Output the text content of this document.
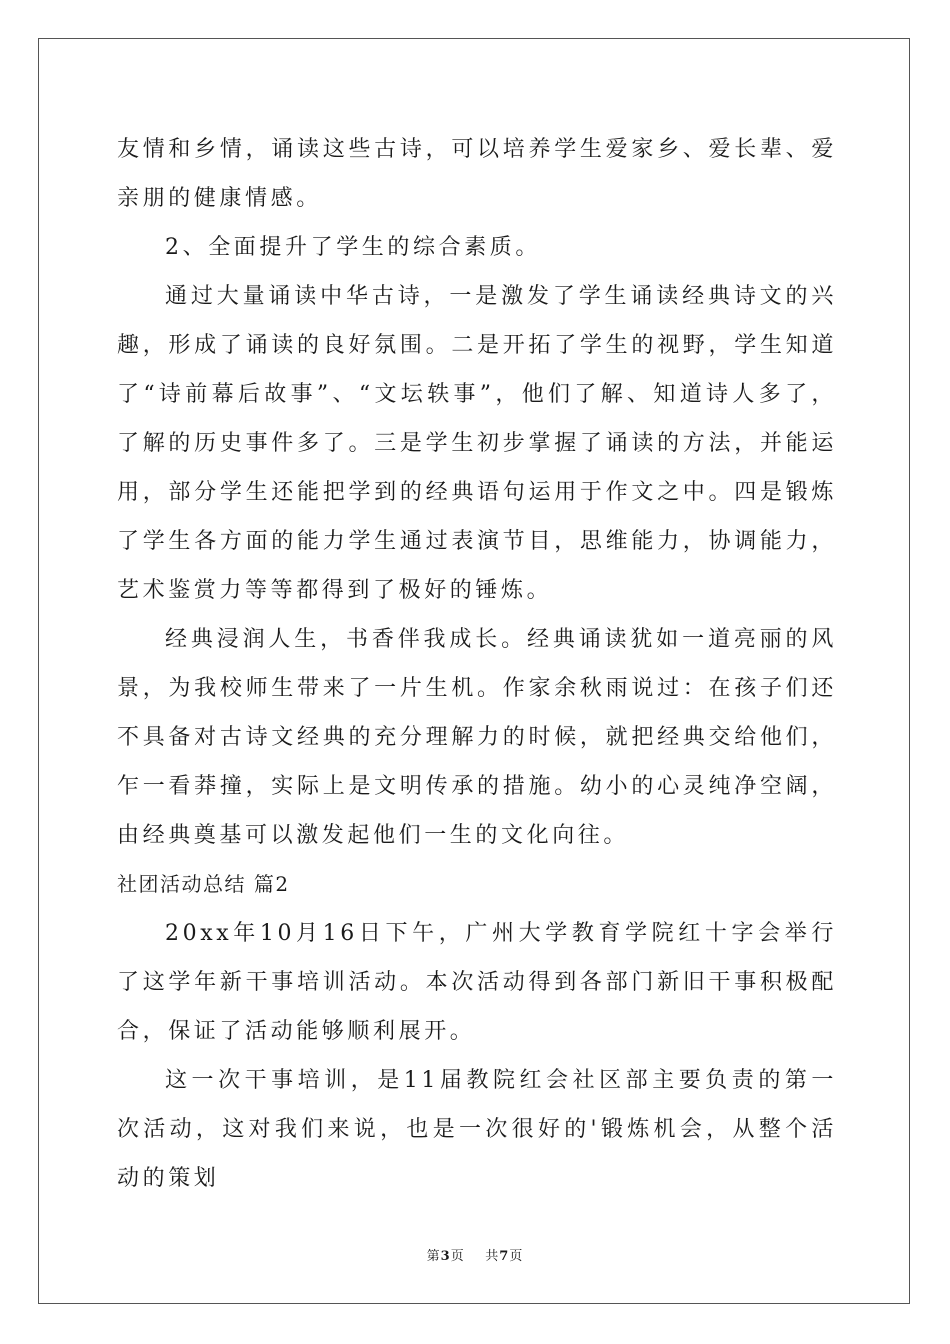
友情和乡情，诵读这些古诗，可以培养学生爱家乡、爱长辈、爱亲朋的健康情感。

2、全面提升了学生的综合素质。

通过大量诵读中华古诗，一是激发了学生诵读经典诗文的兴趣，形成了诵读的良好氛围。二是开拓了学生的视野，学生知道了“诗前幕后故事”、“文坛轶事”，他们了解、知道诗人多了，了解的历史事件多了。三是学生初步掌握了诵读的方法，并能运用，部分学生还能把学到的经典语句运用于作文之中。四是锻炼了学生各方面的能力学生通过表演节目，思维能力，协调能力，艺术鉴赏力等等都得到了极好的锤炼。

经典浸润人生，书香伴我成长。经典诵读犹如一道亮丽的风景，为我校师生带来了一片生机。作家余秋雨说过：在孩子们还不具备对古诗文经典的充分理解力的时候，就把经典交给他们，乍一看莽撞，实际上是文明传承的措施。幼小的心灵纯净空阔，由经典奠基可以激发起他们一生的文化向往。

社团活动总结 篇2

20xx年10月16日下午，广州大学教育学院红十字会举行了这学年新干事培训活动。本次活动得到各部门新旧干事积极配合，保证了活动能够顺利展开。

这一次干事培训，是11届教院红会社区部主要负责的第一次活动，这对我们来说，也是一次很好的'锻炼机会，从整个活动的策划

第3页 共7页
